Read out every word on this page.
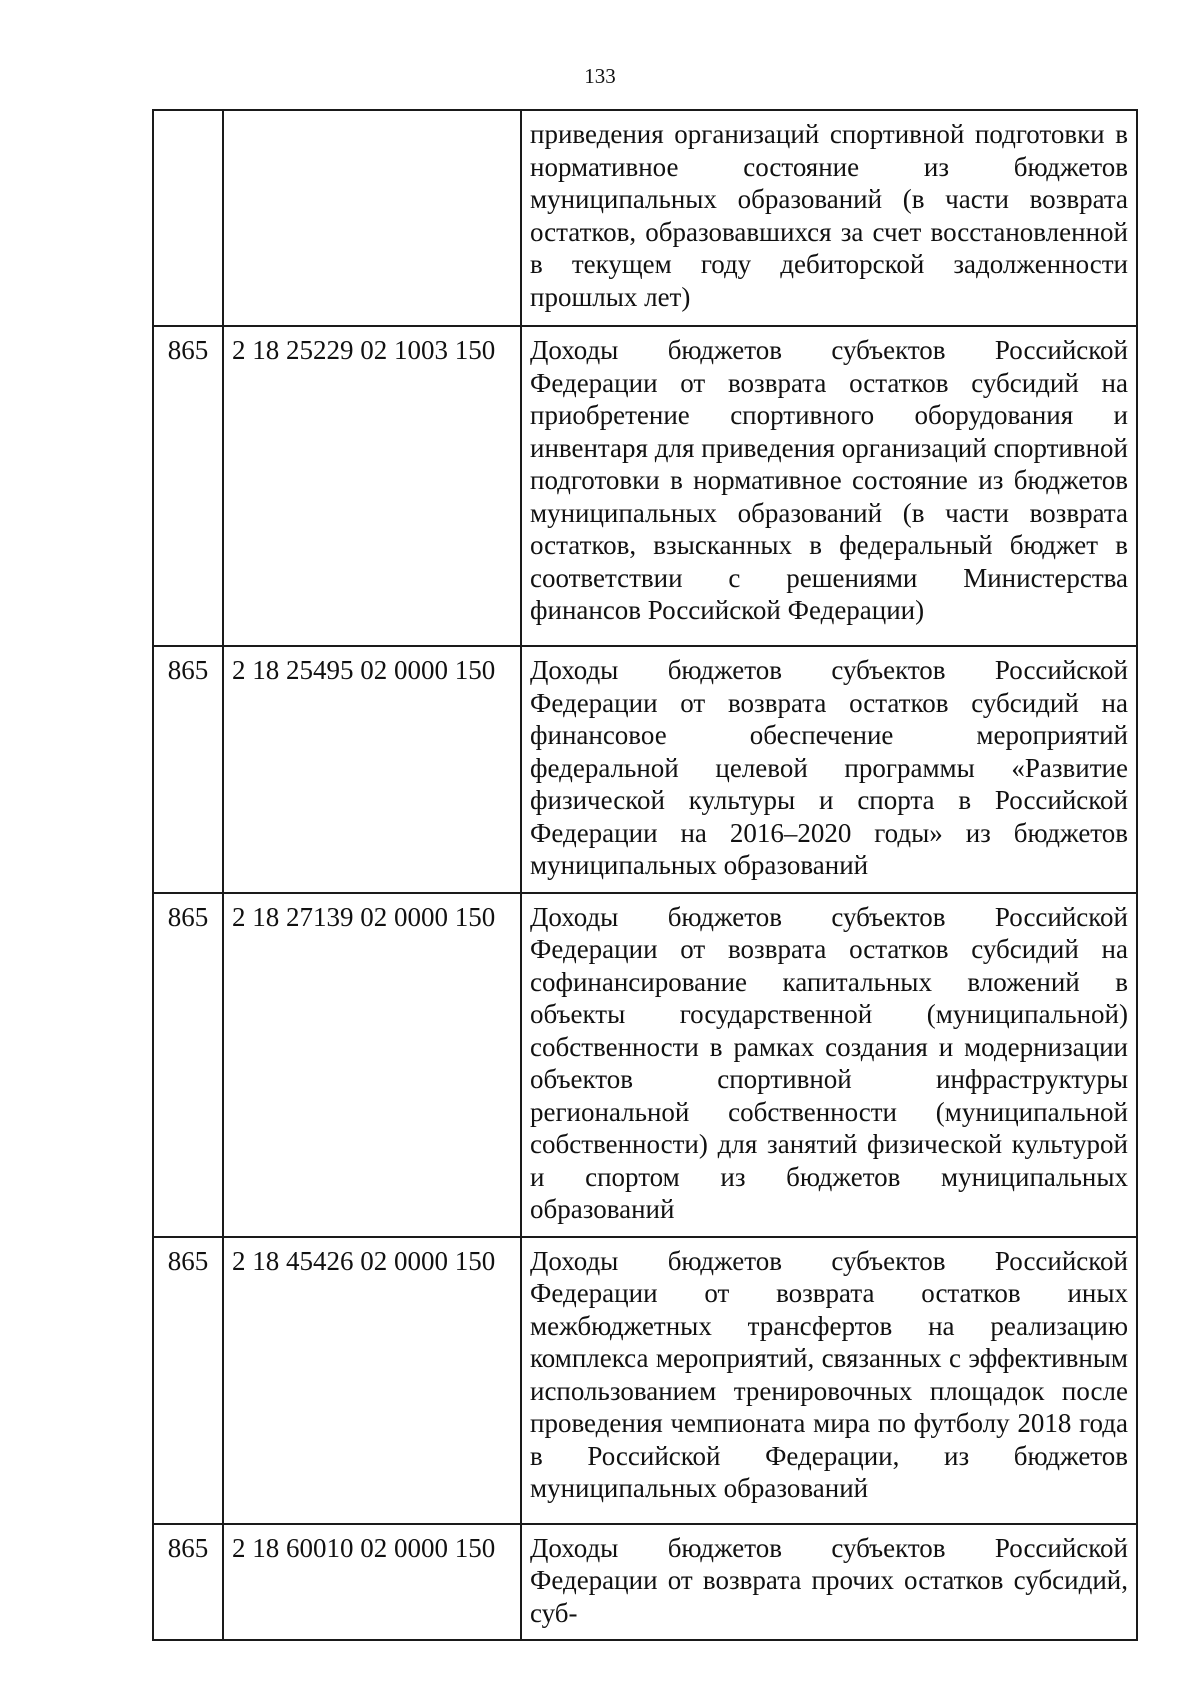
133
		приведения организаций спортивной подготовки в нормативное состояние из бюджетов муниципальных образований (в части возврата остатков, образовавшихся за счет восстановленной в текущем году дебиторской задолженности прошлых лет)
865	2 18 25229 02 1003 150	Доходы бюджетов субъектов Российской Федерации от возврата остатков субсидий на приобретение спортивного оборудования и инвентаря для приведения организаций спортивной подготовки в нормативное состояние из бюджетов муниципальных образований (в части возврата остатков, взысканных в федеральный бюджет в соответствии с решениями Министерства финансов Российской Федерации)
865	2 18 25495 02 0000 150	Доходы бюджетов субъектов Российской Федерации от возврата остатков субсидий на финансовое обеспечение мероприятий федеральной целевой программы «Развитие физической культуры и спорта в Российской Федерации на 2016–2020 годы» из бюджетов муниципальных образований
865	2 18 27139 02 0000 150	Доходы бюджетов субъектов Российской Федерации от возврата остатков субсидий на софинансирование капитальных вложений в объекты государственной (муниципальной) собственности в рамках создания и модернизации объектов спортивной инфраструктуры региональной собственности (муниципальной собственности) для занятий физической культурой и спортом из бюджетов муниципальных образований
865	2 18 45426 02 0000 150	Доходы бюджетов субъектов Российской Федерации от возврата остатков иных межбюджетных трансфертов на реализацию комплекса мероприятий, связанных с эффективным использованием тренировочных площадок после проведения чемпионата мира по футболу 2018 года в Российской Федерации, из бюджетов муниципальных образований
865	2 18 60010 02 0000 150	Доходы бюджетов субъектов Российской Федерации от возврата прочих остатков субсидий, суб-
